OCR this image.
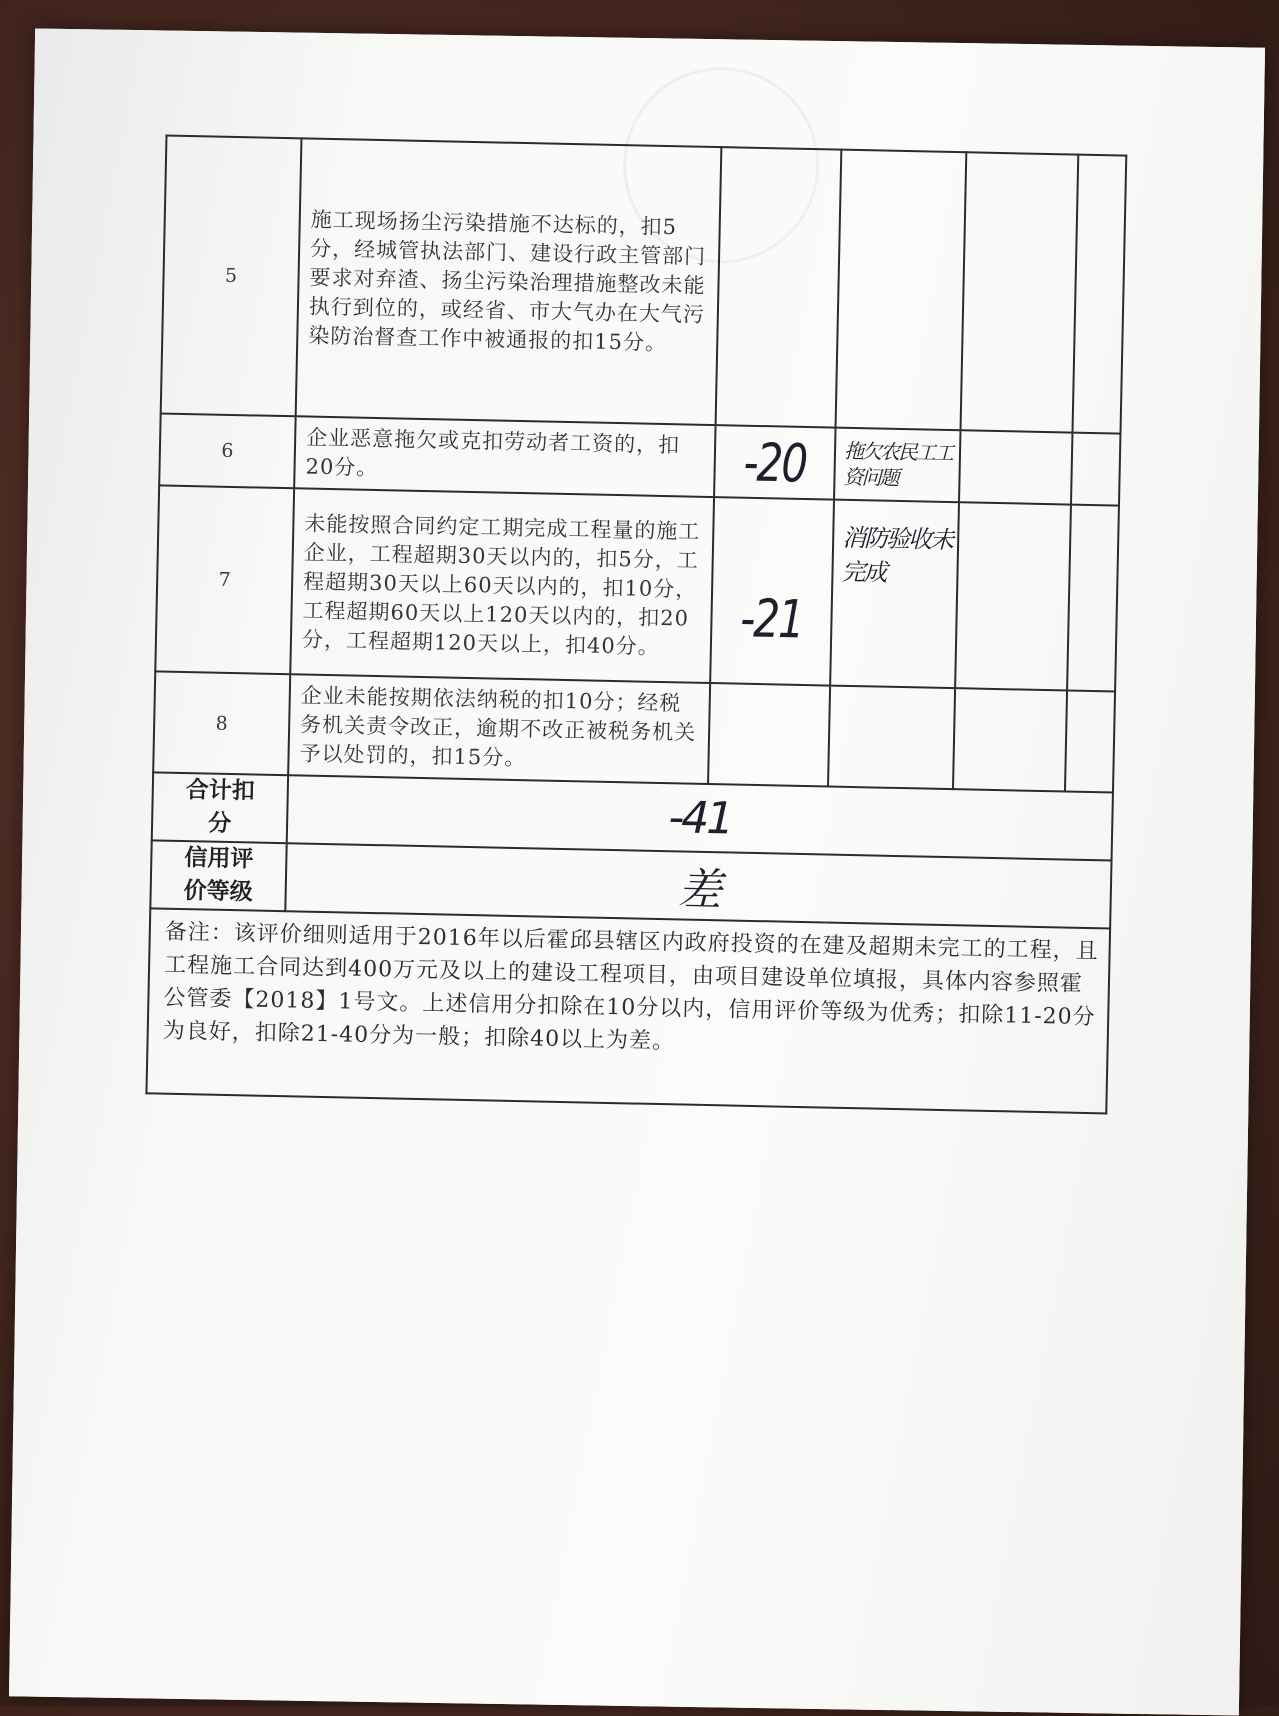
5	施工现场扬尘污染措施不达标的，扣5分，经城管执法部门、建设行政主管部门要求对弃渣、扬尘污染治理措施整改未能执行到位的，或经省、市大气办在大气污染防治督查工作中被通报的扣15分。				
6	企业恶意拖欠或克扣劳动者工资的，扣20分。	-20	拖欠农民工工资问题		
7	未能按照合同约定工期完成工程量的施工企业，工程超期30天以内的，扣5分，工程超期30天以上60天以内的，扣10分，工程超期60天以上120天以内的，扣20分，工程超期120天以上，扣40分。	-21	消防验收未完成		
8	企业未能按期依法纳税的扣10分；经税务机关责令改正，逾期不改正被税务机关予以处罚的，扣15分。				
合计扣分	-41				
信用评价等级	差				
备注：该评价细则适用于2016年以后霍邱县辖区内政府投资的在建及超期未完工的工程，且工程施工合同达到400万元及以上的建设工程项目，由项目建设单位填报，具体内容参照霍公管委【2018】1号文。上述信用分扣除在10分以内，信用评价等级为优秀；扣除11-20分为良好，扣除21-40分为一般；扣除40以上为差。					
